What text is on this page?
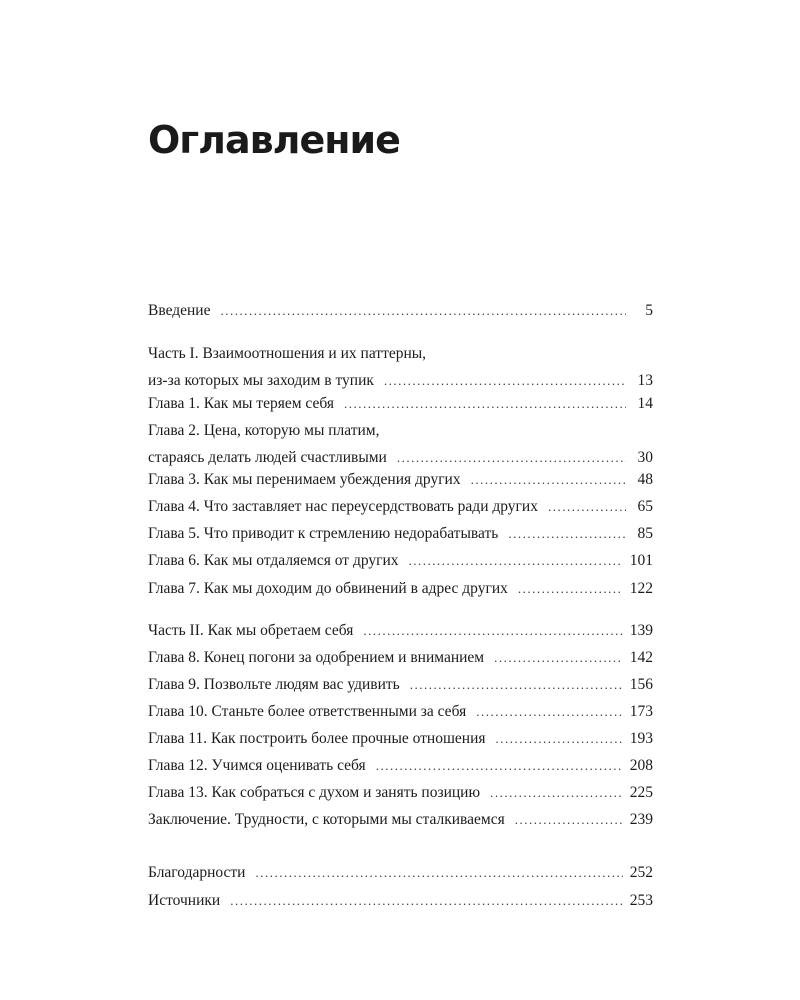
Оглавление
Введение .....	5
Часть I. Взаимоотношения и их паттерны,
из-за которых мы заходим в тупик .....	13
Глава 1. Как мы теряем себя .....	14
Глава 2. Цена, которую мы платим,
стараясь делать людей счастливыми .....	30
Глава 3. Как мы перенимаем убеждения других .....	48
Глава 4. Что заставляет нас переусердствовать ради других .....	65
Глава 5. Что приводит к стремлению недорабатывать .....	85
Глава 6. Как мы отдаляемся от других .....	101
Глава 7. Как мы доходим до обвинений в адрес других .....	122
Часть II. Как мы обретаем себя .....	139
Глава 8. Конец погони за одобрением и вниманием .....	142
Глава 9. Позвольте людям вас удивить .....	156
Глава 10. Станьте более ответственными за себя .....	173
Глава 11. Как построить более прочные отношения .....	193
Глава 12. Учимся оценивать себя .....	208
Глава 13. Как собраться с духом и занять позицию .....	225
Заключение. Трудности, с которыми мы сталкиваемся .....	239
Благодарности .....	252
Источники .....	253
